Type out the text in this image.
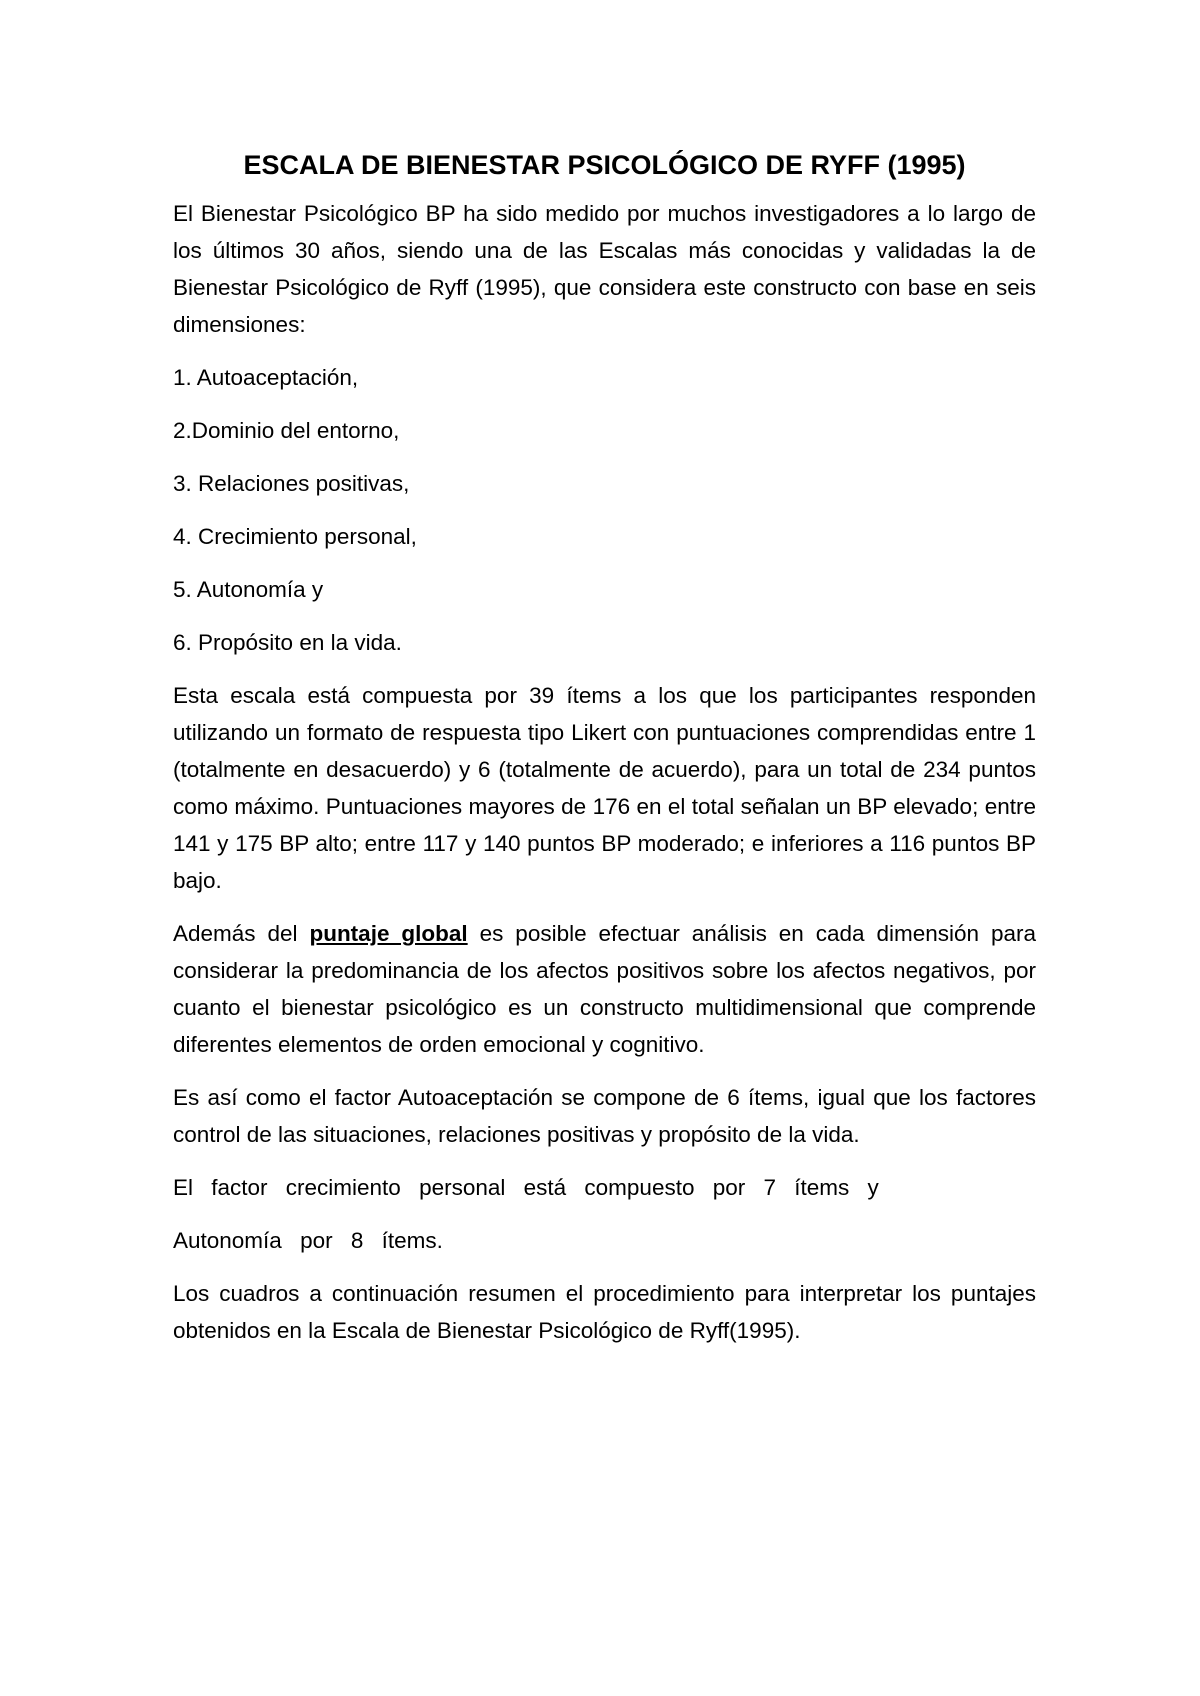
ESCALA DE BIENESTAR PSICOLÓGICO DE RYFF (1995)

El Bienestar Psicológico BP ha sido medido por muchos investigadores a lo largo de los últimos 30 años, siendo una de las Escalas más conocidas y validadas la de Bienestar Psicológico de Ryff (1995), que considera este constructo con base en seis dimensiones:

1. Autoaceptación,

2.Dominio del entorno,

3. Relaciones positivas,

4. Crecimiento personal,

5. Autonomía y

6. Propósito en la vida.

Esta escala está compuesta por 39 ítems a los que los participantes responden utilizando un formato de respuesta tipo Likert con puntuaciones comprendidas entre 1 (totalmente en desacuerdo) y 6 (totalmente de acuerdo), para un total de 234 puntos como máximo. Puntuaciones mayores de 176 en el total señalan un BP elevado; entre 141 y 175 BP alto; entre 117 y 140 puntos BP moderado; e inferiores a 116 puntos BP bajo.

Además del puntaje global es posible efectuar análisis en cada dimensión para considerar la predominancia de los afectos positivos sobre los afectos negativos, por cuanto el bienestar psicológico es un constructo multidimensional que comprende diferentes elementos de orden emocional y cognitivo.

Es así como el factor Autoaceptación se compone de 6 ítems, igual que los factores control de las situaciones, relaciones positivas y propósito de la vida.

El factor crecimiento personal está compuesto por 7 ítems y

Autonomía por 8 ítems.

Los cuadros a continuación resumen el procedimiento para interpretar los puntajes obtenidos en la Escala de Bienestar Psicológico de Ryff(1995).
